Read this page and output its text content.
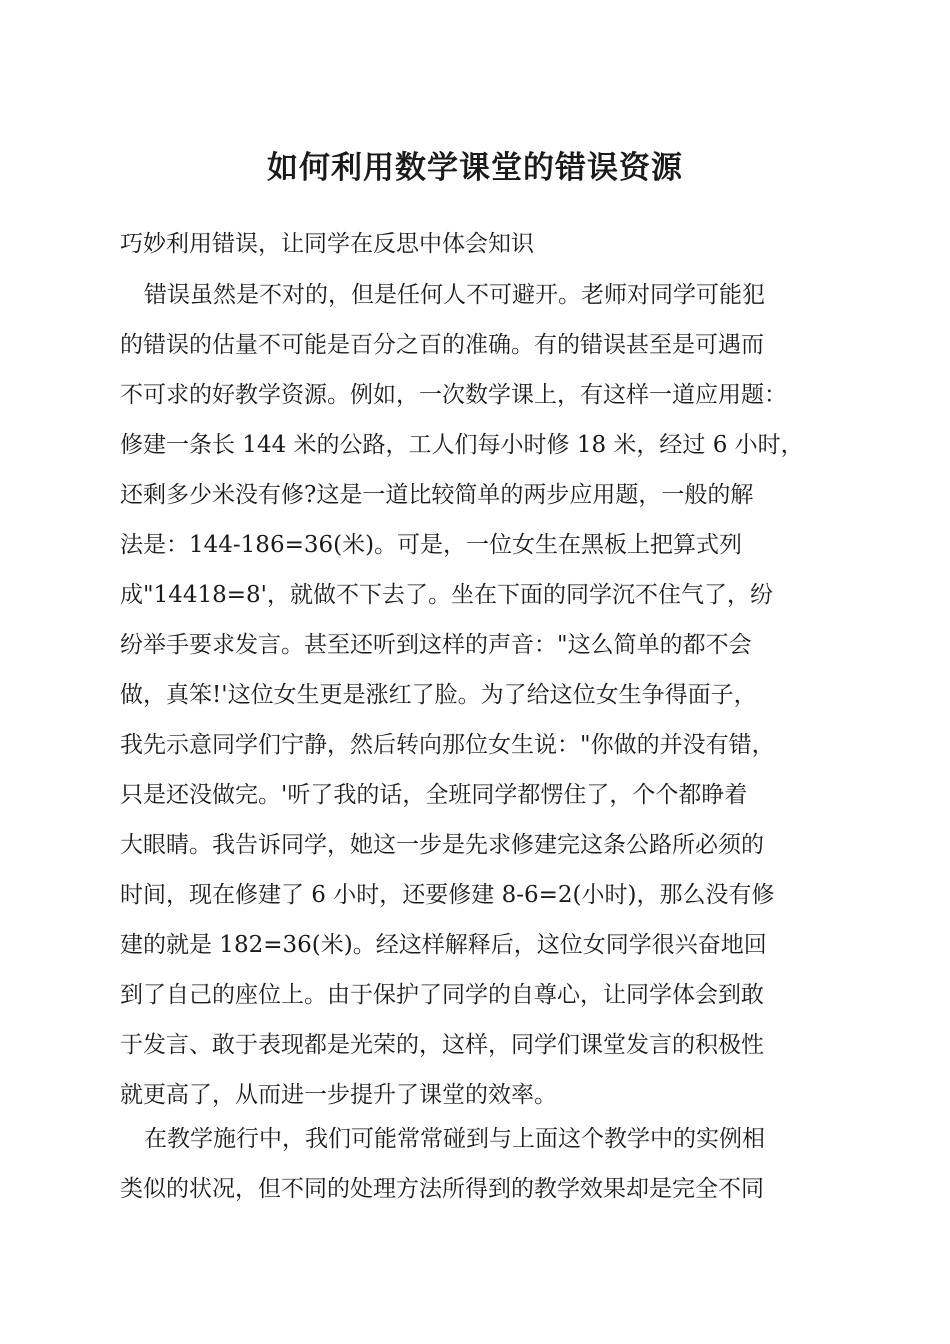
如何利用数学课堂的错误资源

巧妙利用错误，让同学在反思中体会知识

错误虽然是不对的，但是任何人不可避开。老师对同学可能犯
的错误的估量不可能是百分之百的准确。有的错误甚至是可遇而
不可求的好教学资源。例如，一次数学课上，有这样一道应用题：
修建一条长 144 米的公路，工人们每小时修 18 米，经过 6 小时，
还剩多少米没有修?这是一道比较简单的两步应用题，一般的解
法是：144-186=36(米)。可是，一位女生在黑板上把算式列
成"14418=8'，就做不下去了。坐在下面的同学沉不住气了，纷
纷举手要求发言。甚至还听到这样的声音："这么简单的都不会
做，真笨!'这位女生更是涨红了脸。为了给这位女生争得面子，
我先示意同学们宁静，然后转向那位女生说："你做的并没有错，
只是还没做完。'听了我的话，全班同学都愣住了，个个都睁着
大眼睛。我告诉同学，她这一步是先求修建完这条公路所必须的
时间，现在修建了 6 小时，还要修建 8-6=2(小时)，那么没有修
建的就是 182=36(米)。经这样解释后，这位女同学很兴奋地回
到了自己的座位上。由于保护了同学的自尊心，让同学体会到敢
于发言、敢于表现都是光荣的，这样，同学们课堂发言的积极性
就更高了，从而进一步提升了课堂的效率。
在教学施行中，我们可能常常碰到与上面这个教学中的实例相
类似的状况，但不同的处理方法所得到的教学效果却是完全不同
